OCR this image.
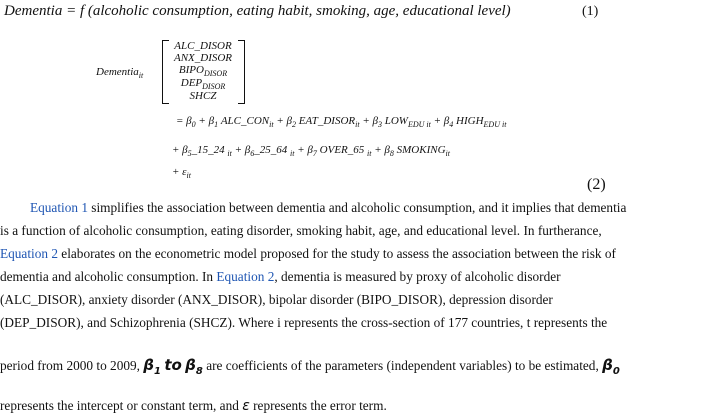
Dementia = f (alcoholic consumption, eating habit, smoking, age, educational level)	(1)
Dementia$_{it}$
ALC_DISOR
ANX_DISOR
$BIPO_{DISOR}$
$DEP_{DISOR}$
SHCZ
= $\beta_0 + \beta_1$ $ALC\_CON_{it} + \beta_2$ $EAT\_DISOR_{it} + \beta_3$ $LOW_{EDU it} + \beta_4$ $HIGH_{EDU it}$
+ $\beta_5\_15\_24$ $_{it} + \beta_6\_25\_64$ $_{it} + \beta_7$ OVER_65 $_{it} + \beta_8$ $SMOKING_{it}$
+ $\varepsilon_{it}$
(2)
Equation 1 simplifies the association between dementia and alcoholic consumption, and it implies that dementia
is a function of alcoholic consumption, eating disorder, smoking habit, age, and educational level. In furtherance,
Equation 2 elaborates on the econometric model proposed for the study to assess the association between the risk of
dementia and alcoholic consumption. In Equation 2, dementia is measured by proxy of alcoholic disorder
(ALC_DISOR), anxiety disorder (ANX_DISOR), bipolar disorder (BIPO_DISOR), depression disorder
(DEP_DISOR), and Schizophrenia (SHCZ). Where i represents the cross-section of 177 countries, t represents the
period from 2000 to 2009, $\beta_1$ to $\beta_8$ are coefficients of the parameters (independent variables) to be estimated, $\beta_0$
represents the intercept or constant term, and ε represents the error term.
